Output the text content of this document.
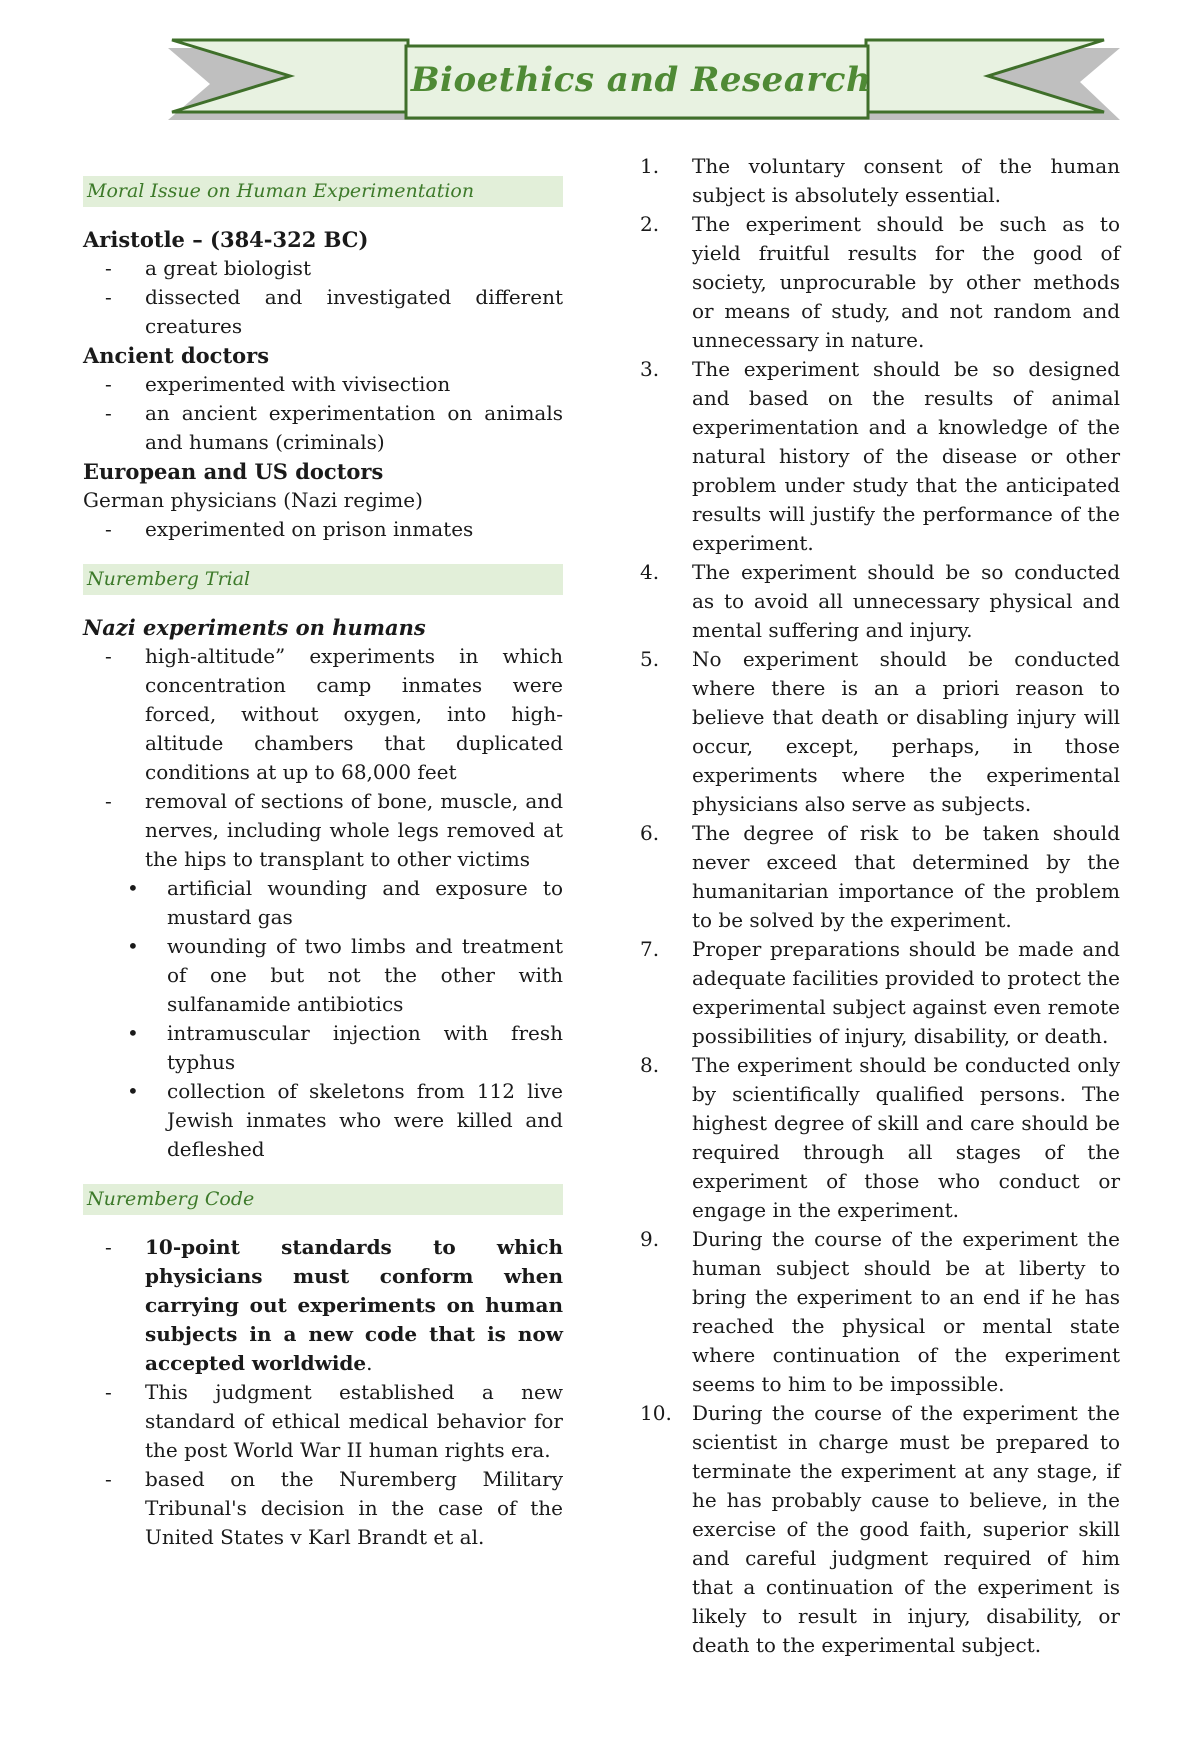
Bioethics and Research
Moral Issue on Human Experimentation
Aristotle – (384-322 BC)
- a great biologist
- dissected and investigated different creatures
Ancient doctors
- experimented with vivisection
- an ancient experimentation on animals and humans (criminals)
European and US doctors
German physicians (Nazi regime)
- experimented on prison inmates
Nuremberg Trial
Nazi experiments on humans
- high-altitude” experiments in which concentration camp inmates were forced, without oxygen, into high-altitude chambers that duplicated conditions at up to 68,000 feet
- removal of sections of bone, muscle, and nerves, including whole legs removed at the hips to transplant to other victims
• artificial wounding and exposure to mustard gas
• wounding of two limbs and treatment of one but not the other with sulfanamide antibiotics
• intramuscular injection with fresh typhus
• collection of skeletons from 112 live Jewish inmates who were killed and defleshed
Nuremberg Code
- 10-point standards to which physicians must conform when carrying out experiments on human subjects in a new code that is now accepted worldwide.
- This judgment established a new standard of ethical medical behavior for the post World War II human rights era.
- based on the Nuremberg Military Tribunal's decision in the case of the United States v Karl Brandt et al.
1. The voluntary consent of the human subject is absolutely essential.
2. The experiment should be such as to yield fruitful results for the good of society, unprocurable by other methods or means of study, and not random and unnecessary in nature.
3. The experiment should be so designed and based on the results of animal experimentation and a knowledge of the natural history of the disease or other problem under study that the anticipated results will justify the performance of the experiment.
4. The experiment should be so conducted as to avoid all unnecessary physical and mental suffering and injury.
5. No experiment should be conducted where there is an a priori reason to believe that death or disabling injury will occur, except, perhaps, in those experiments where the experimental physicians also serve as subjects.
6. The degree of risk to be taken should never exceed that determined by the humanitarian importance of the problem to be solved by the experiment.
7. Proper preparations should be made and adequate facilities provided to protect the experimental subject against even remote possibilities of injury, disability, or death.
8. The experiment should be conducted only by scientifically qualified persons. The highest degree of skill and care should be required through all stages of the experiment of those who conduct or engage in the experiment.
9. During the course of the experiment the human subject should be at liberty to bring the experiment to an end if he has reached the physical or mental state where continuation of the experiment seems to him to be impossible.
10. During the course of the experiment the scientist in charge must be prepared to terminate the experiment at any stage, if he has probably cause to believe, in the exercise of the good faith, superior skill and careful judgment required of him that a continuation of the experiment is likely to result in injury, disability, or death to the experimental subject.
